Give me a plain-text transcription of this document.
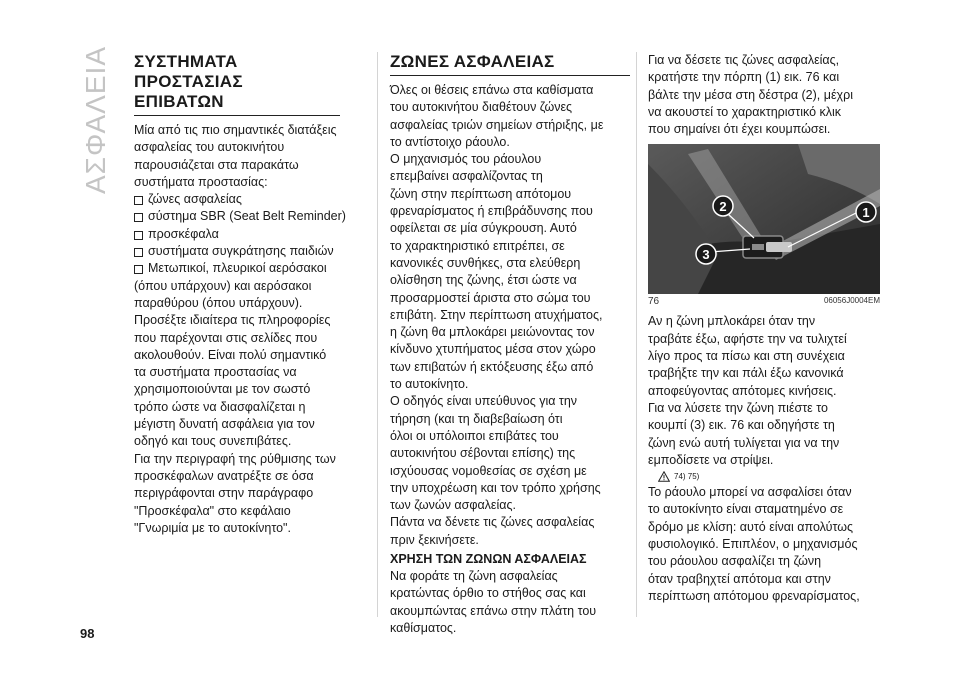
ΑΣΦΑΛΕΙΑ ΣΥΣΤΗΜΑΤΑ ΠΡΟΣΤΑΣΙΑΣ
ΕΠΙΒΑΤΩΝ
Μία από τις πιο σημαντικές διατάξεις
ασφαλείας του αυτοκινήτου
παρουσιάζεται στα παρακάτω
συστήματα προστασίας:
ζώνες ασφαλείας
σύστημα SBR (Seat Belt Reminder)
προσκέφαλα
συστήματα συγκράτησης παιδιών
Μετωπικοί, πλευρικοί αερόσακοι
(όπου υπάρχουν) και αερόσακοι
παραθύρου (όπου υπάρχουν).
Προσέξτε ιδιαίτερα τις πληροφορίες
που παρέχονται στις σελίδες που
ακολουθούν. Είναι πολύ σημαντικό
τα συστήματα προστασίας να
χρησιμοποιούνται με τον σωστό
τρόπο ώστε να διασφαλίζεται η
μέγιστη δυνατή ασφάλεια για τον
οδηγό και τους συνεπιβάτες.
Για την περιγραφή της ρύθμισης των
προσκέφαλων ανατρέξτε σε όσα
περιγράφονται στην παράγραφο
"Προσκέφαλα" στο κεφάλαιο
"Γνωριμία με το αυτοκίνητο".
ΖΩΝΕΣ ΑΣΦΑΛΕΙΑΣ
Όλες οι θέσεις επάνω στα καθίσματα
του αυτοκινήτου διαθέτουν ζώνες
ασφαλείας τριών σημείων στήριξης, με
το αντίστοιχο ράουλο.
Ο μηχανισμός του ράουλου
επεμβαίνει ασφαλίζοντας τη
ζώνη στην περίπτωση απότομου
φρεναρίσματος ή επιβράδυνσης που
οφείλεται σε μία σύγκρουση. Αυτό
το χαρακτηριστικό επιτρέπει, σε
κανονικές συνθήκες, στα ελεύθερη
ολίσθηση της ζώνης, έτσι ώστε να
προσαρμοστεί άριστα στο σώμα του
επιβάτη. Στην περίπτωση ατυχήματος,
η ζώνη θα μπλοκάρει μειώνοντας τον
κίνδυνο χτυπήματος μέσα στον χώρο
των επιβατών ή εκτόξευσης έξω από
το αυτοκίνητο.
Ο οδηγός είναι υπεύθυνος για την
τήρηση (και τη διαβεβαίωση ότι
όλοι οι υπόλοιποι επιβάτες του
αυτοκινήτου σέβονται επίσης) της
ισχύουσας νομοθεσίας σε σχέση με
την υποχρέωση και τον τρόπο χρήσης
των ζωνών ασφαλείας.
Πάντα να δένετε τις ζώνες ασφαλείας
πριν ξεκινήσετε.
ΧΡΗΣΗ ΤΩΝ ΖΩΝΩΝ ΑΣΦΑΛΕΙΑΣ
Να φοράτε τη ζώνη ασφαλείας
κρατώντας όρθιο το στήθος σας και
ακουμπώντας επάνω στην πλάτη του
καθίσματος.
Για να δέσετε τις ζώνες ασφαλείας,
κρατήστε την πόρπη (1) εικ. 76 και
βάλτε την μέσα στη δέστρα (2), μέχρι
να ακουστεί το χαρακτηριστικό κλικ
που σημαίνει ότι έχει κουμπώσει.
2	1
3
76	06056J0004EM
Αν η ζώνη μπλοκάρει όταν την
τραβάτε έξω, αφήστε την να τυλιχτεί
λίγο προς τα πίσω και στη συνέχεια
τραβήξτε την και πάλι έξω κανονικά
αποφεύγοντας απότομες κινήσεις.
Για να λύσετε την ζώνη πιέστε το
κουμπί (3) εικ. 76 και οδηγήστε τη
ζώνη ενώ αυτή τυλίγεται για να την
εμποδίσετε να στρίψει.
74) 75)
Το ράουλο μπορεί να ασφαλίσει όταν
το αυτοκίνητο είναι σταματημένο σε
δρόμο με κλίση: αυτό είναι απολύτως
φυσιολογικό. Επιπλέον, ο μηχανισμός
του ράουλου ασφαλίζει τη ζώνη
όταν τραβηχτεί απότομα και στην
περίπτωση απότομου φρεναρίσματος,
98
